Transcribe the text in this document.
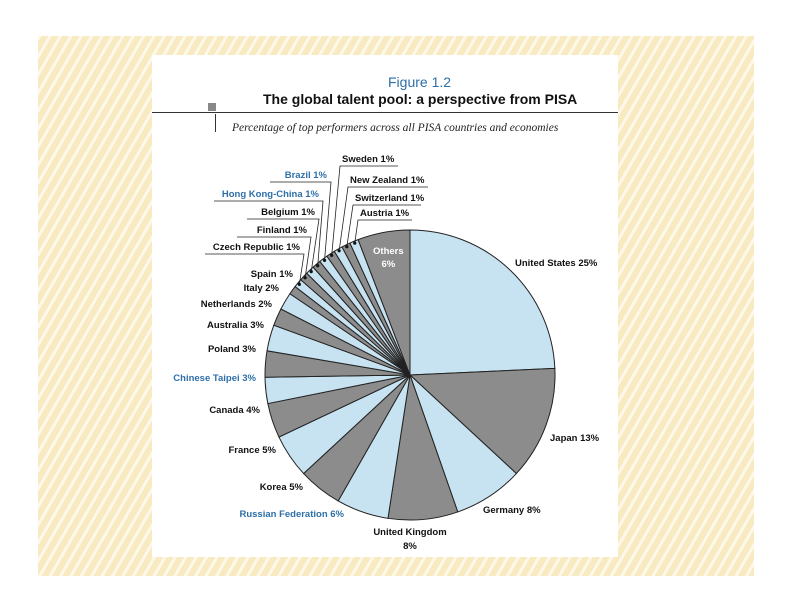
Figure 1.2
The global talent pool: a perspective from PISA
Percentage of top performers across all PISA countries and economies
United States 25%
Japan 13%
Germany 8%
United Kingdom 8%
Russian Federation 6%
Korea 5%
France 5%
Canada 4%
Chinese Taipei 3%
Poland 3%
Australia 3%
Netherlands 2%
Italy 2%
Spain 1%
Czech Republic 1%
Finland 1%
Belgium 1%
Hong Kong-China 1%
Brazil 1%
Sweden 1%
New Zealand 1%
Switzerland 1%
Austria 1%
Others
6%
